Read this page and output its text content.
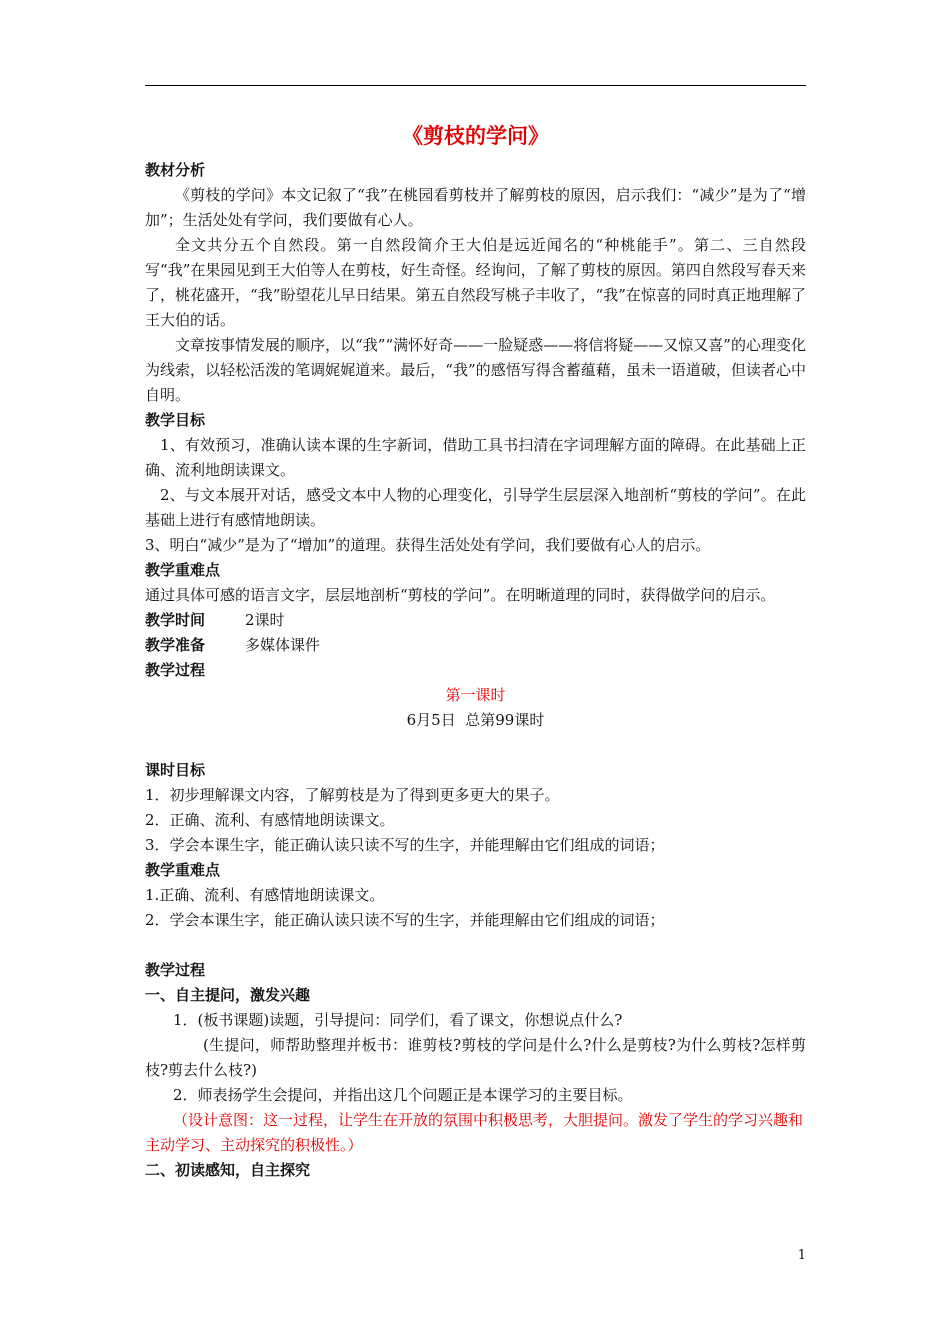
《剪枝的学问》

教材分析

《剪枝的学问》本文记叙了“我”在桃园看剪枝并了解剪枝的原因，启示我们：“减少”是为了“增加”；生活处处有学问，我们要做有心人。

全文共分五个自然段。第一自然段简介王大伯是远近闻名的“种桃能手”。第二、三自然段写“我”在果园见到王大伯等人在剪枝，好生奇怪。经询问，了解了剪枝的原因。第四自然段写春天来了，桃花盛开，“我”盼望花儿早日结果。第五自然段写桃子丰收了，“我”在惊喜的同时真正地理解了王大伯的话。

文章按事情发展的顺序，以“我”“满怀好奇——一脸疑惑——将信将疑——又惊又喜”的心理变化为线索，以轻松活泼的笔调娓娓道来。最后，“我”的感悟写得含蓄蕴藉，虽未一语道破，但读者心中自明。

教学目标

1、有效预习，准确认读本课的生字新词，借助工具书扫清在字词理解方面的障碍。在此基础上正确、流利地朗读课文。

2、与文本展开对话，感受文本中人物的心理变化，引导学生层层深入地剖析“剪枝的学问”。在此基础上进行有感情地朗读。

3、明白“减少”是为了“增加”的道理。获得生活处处有学问，我们要做有心人的启示。

教学重难点

通过具体可感的语言文字，层层地剖析“剪枝的学问”。在明晰道理的同时，获得做学问的启示。

教学时间	2课时
教学准备	多媒体课件

教学过程

第一课时

6月5日  总第99课时

课时目标

1．初步理解课文内容，了解剪枝是为了得到更多更大的果子。

2．正确、流利、有感情地朗读课文。

3．学会本课生字，能正确认读只读不写的生字，并能理解由它们组成的词语；

教学重难点

1.正确、流利、有感情地朗读课文。

2．学会本课生字，能正确认读只读不写的生字，并能理解由它们组成的词语；

教学过程

一、自主提问，激发兴趣

1．(板书课题)读题，引导提问：同学们，看了课文，你想说点什么?

(生提问，师帮助整理并板书：谁剪枝?剪枝的学问是什么?什么是剪枝?为什么剪枝?怎样剪枝?剪去什么枝?)

2．师表扬学生会提问，并指出这几个问题正是本课学习的主要目标。

（设计意图：这一过程，让学生在开放的氛围中积极思考，大胆提问。激发了学生的学习兴趣和主动学习、主动探究的积极性。）

二、初读感知，自主探究

1
